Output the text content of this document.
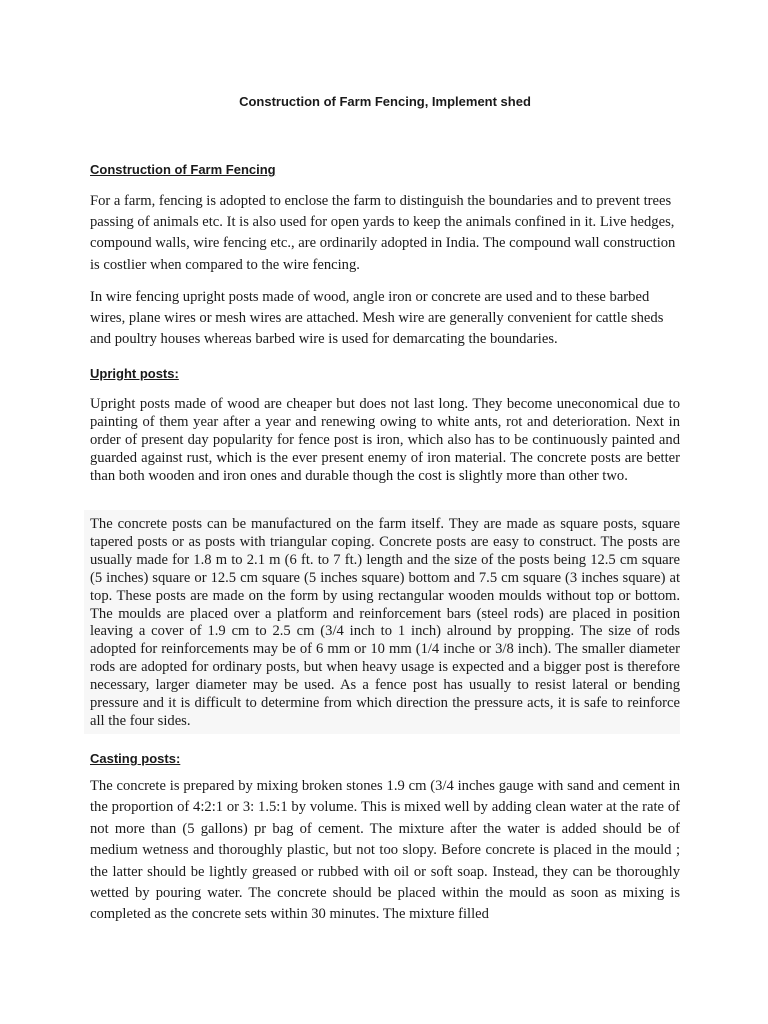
Construction of Farm Fencing, Implement shed
Construction of Farm Fencing

For a farm, fencing is adopted to enclose the farm to distinguish the boundaries and to prevent trees passing of animals etc. It is also used for open yards to keep the animals confined in it. Live hedges, compound walls, wire fencing etc., are ordinarily adopted in India. The compound wall construction is costlier when compared to the wire fencing.

In wire fencing upright posts made of wood, angle iron or concrete are used and to these barbed wires, plane wires or mesh wires are attached. Mesh wire are generally convenient for cattle sheds and poultry houses whereas barbed wire is used for demarcating the boundaries.

Upright posts:

Upright posts made of wood are cheaper but does not last long. They become uneconomical due to painting of them year after a year and renewing owing to white ants, rot and deterioration. Next in order of present day popularity for fence post is iron, which also has to be continuously painted and guarded against rust, which is the ever present enemy of iron material. The concrete posts are better than both wooden and iron ones and durable though the cost is slightly more than other two.

The concrete posts can be manufactured on the farm itself. They are made as square posts, square tapered posts or as posts with triangular coping. Concrete posts are easy to construct. The posts are usually made for 1.8 m to 2.1 m (6 ft. to 7 ft.) length and the size of the posts being 12.5 cm square (5 inches) square or 12.5 cm square (5 inches square) bottom and 7.5 cm square (3 inches square) at top. These posts are made on the form by using rectangular wooden moulds without top or bottom. The moulds are placed over a platform and reinforcement bars (steel rods) are placed in position leaving a cover of 1.9 cm to 2.5 cm (3/4 inch to 1 inch) alround by propping. The size of rods adopted for reinforcements may be of 6 mm or 10 mm (1/4 inche or 3/8 inch). The smaller diameter rods are adopted for ordinary posts, but when heavy usage is expected and a bigger post is therefore necessary, larger diameter may be used. As a fence post has usually to resist lateral or bending pressure and it is difficult to determine from which direction the pressure acts, it is safe to reinforce all the four sides.

Casting posts:

The concrete is prepared by mixing broken stones 1.9 cm (3/4 inches gauge with sand and cement in the proportion of 4:2:1 or 3: 1.5:1 by volume. This is mixed well by adding clean water at the rate of not more than (5 gallons) pr bag of cement. The mixture after the water is added should be of medium wetness and thoroughly plastic, but not too slopy. Before concrete is placed in the mould ; the latter should be lightly greased or rubbed with oil or soft soap. Instead, they can be thoroughly wetted by pouring water. The concrete should be placed within the mould as soon as mixing is completed as the concrete sets within 30 minutes. The mixture filled
